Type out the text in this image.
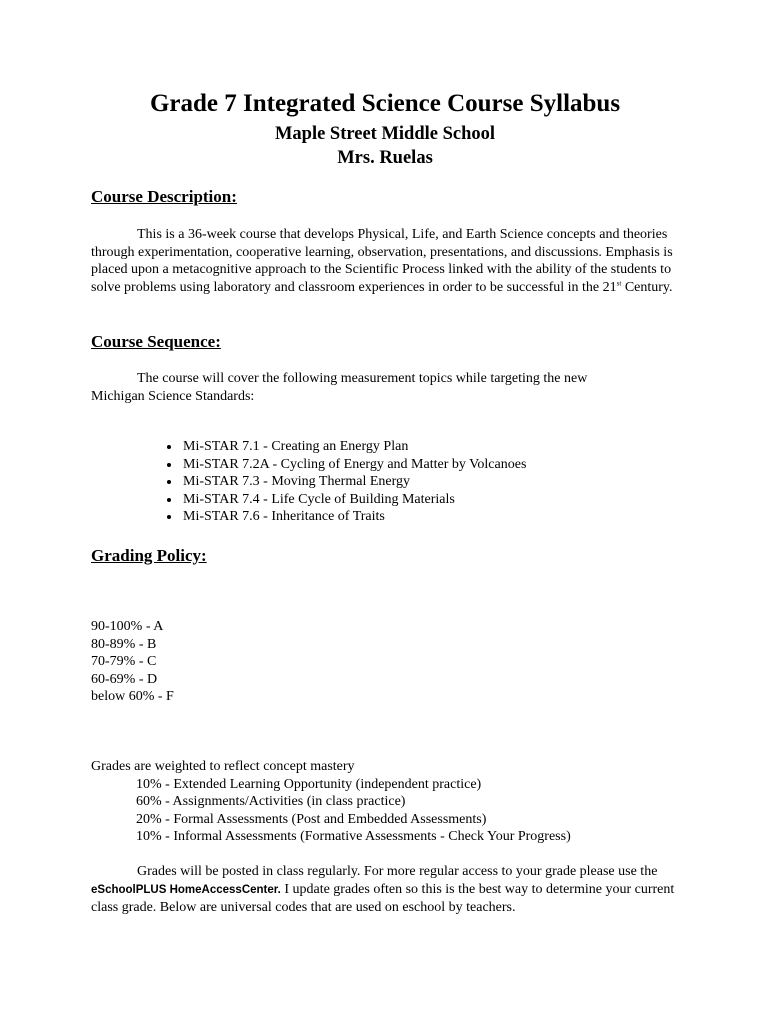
Grade 7 Integrated Science Course Syllabus
Maple Street Middle School
Mrs. Ruelas
Course Description:

This is a 36-week course that develops Physical, Life, and Earth Science concepts and theories through experimentation, cooperative learning, observation, presentations, and discussions. Emphasis is placed upon a metacognitive approach to the Scientific Process linked with the ability of the students to solve problems using laboratory and classroom experiences in order to be successful in the 21st Century.

Course Sequence:

The course will cover the following measurement topics while targeting the new
Michigan Science Standards:

• Mi-STAR 7.1 - Creating an Energy Plan
• Mi-STAR 7.2A - Cycling of Energy and Matter by Volcanoes
• Mi-STAR 7.3 - Moving Thermal Energy
• Mi-STAR 7.4 - Life Cycle of Building Materials
• Mi-STAR 7.6 - Inheritance of Traits
Grading Policy:
90-100% - A
80-89% - B
70-79% - C
60-69% - D
below 60% - F
Grades are weighted to reflect concept mastery
10% - Extended Learning Opportunity (independent practice)
60% - Assignments/Activities (in class practice)
20% - Formal Assessments (Post and Embedded Assessments)
10% - Informal Assessments (Formative Assessments - Check Your Progress)

Grades will be posted in class regularly. For more regular access to your grade please use the eSchoolPLUS HomeAccessCenter. I update grades often so this is the best way to determine your current class grade. Below are universal codes that are used on eschool by teachers.
